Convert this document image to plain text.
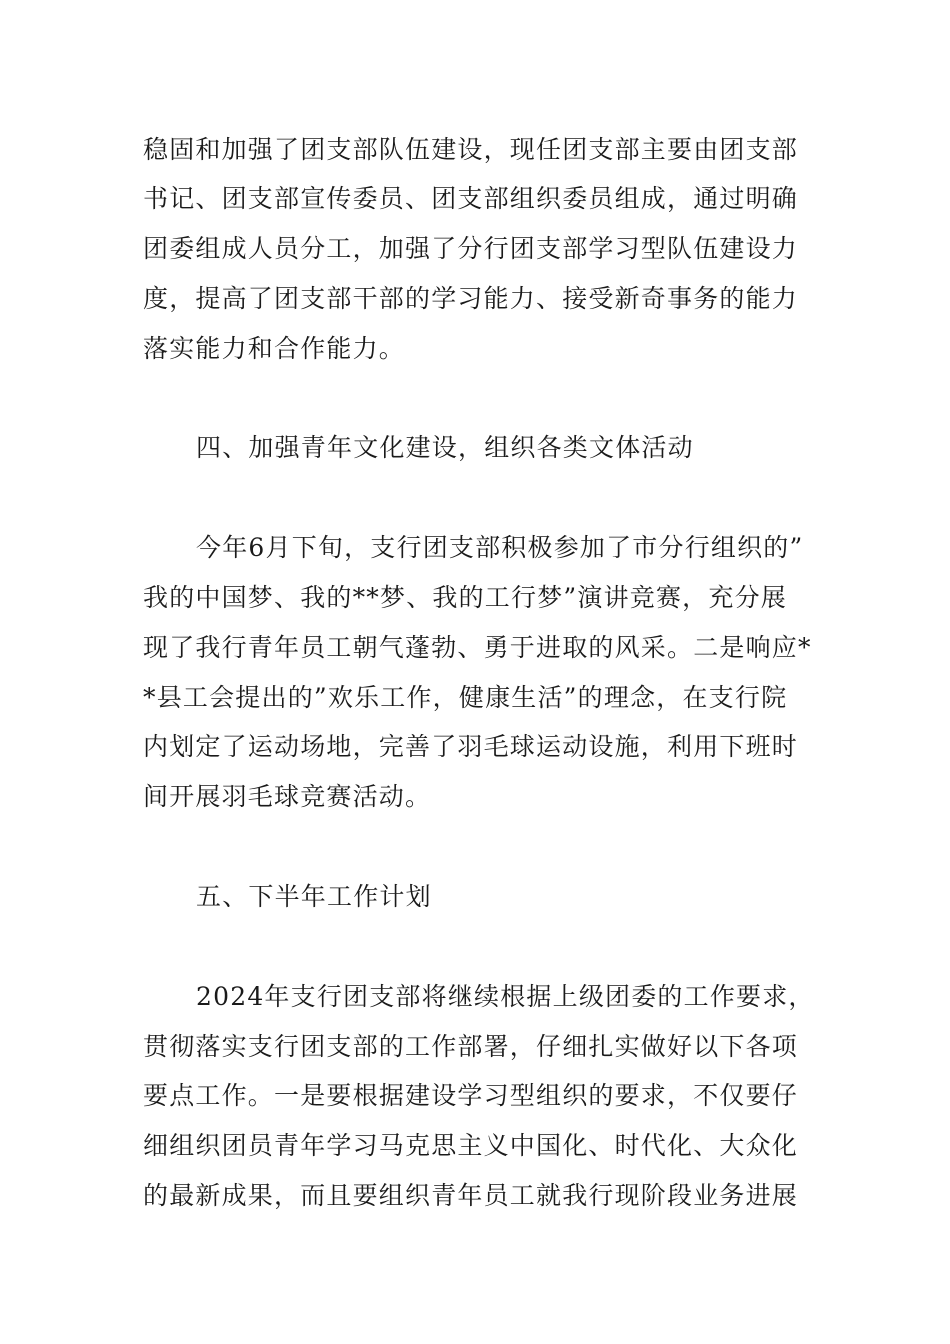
稳固和加强了团支部队伍建设，现任团支部主要由团支部
书记、团支部宣传委员、团支部组织委员组成，通过明确
团委组成人员分工，加强了分行团支部学习型队伍建设力
度，提高了团支部干部的学习能力、接受新奇事务的能力
落实能力和合作能力。
四、加强青年文化建设，组织各类文体活动
今年6月下旬，支行团支部积极参加了市分行组织的”
我的中国梦、我的**梦、我的工行梦”演讲竞赛，充分展
现了我行青年员工朝气蓬勃、勇于进取的风采。二是响应*
*县工会提出的”欢乐工作，健康生活”的理念，在支行院
内划定了运动场地，完善了羽毛球运动设施，利用下班时
间开展羽毛球竞赛活动。
五、下半年工作计划
2024年支行团支部将继续根据上级团委的工作要求，
贯彻落实支行团支部的工作部署，仔细扎实做好以下各项
要点工作。一是要根据建设学习型组织的要求，不仅要仔
细组织团员青年学习马克思主义中国化、时代化、大众化
的最新成果，而且要组织青年员工就我行现阶段业务进展
